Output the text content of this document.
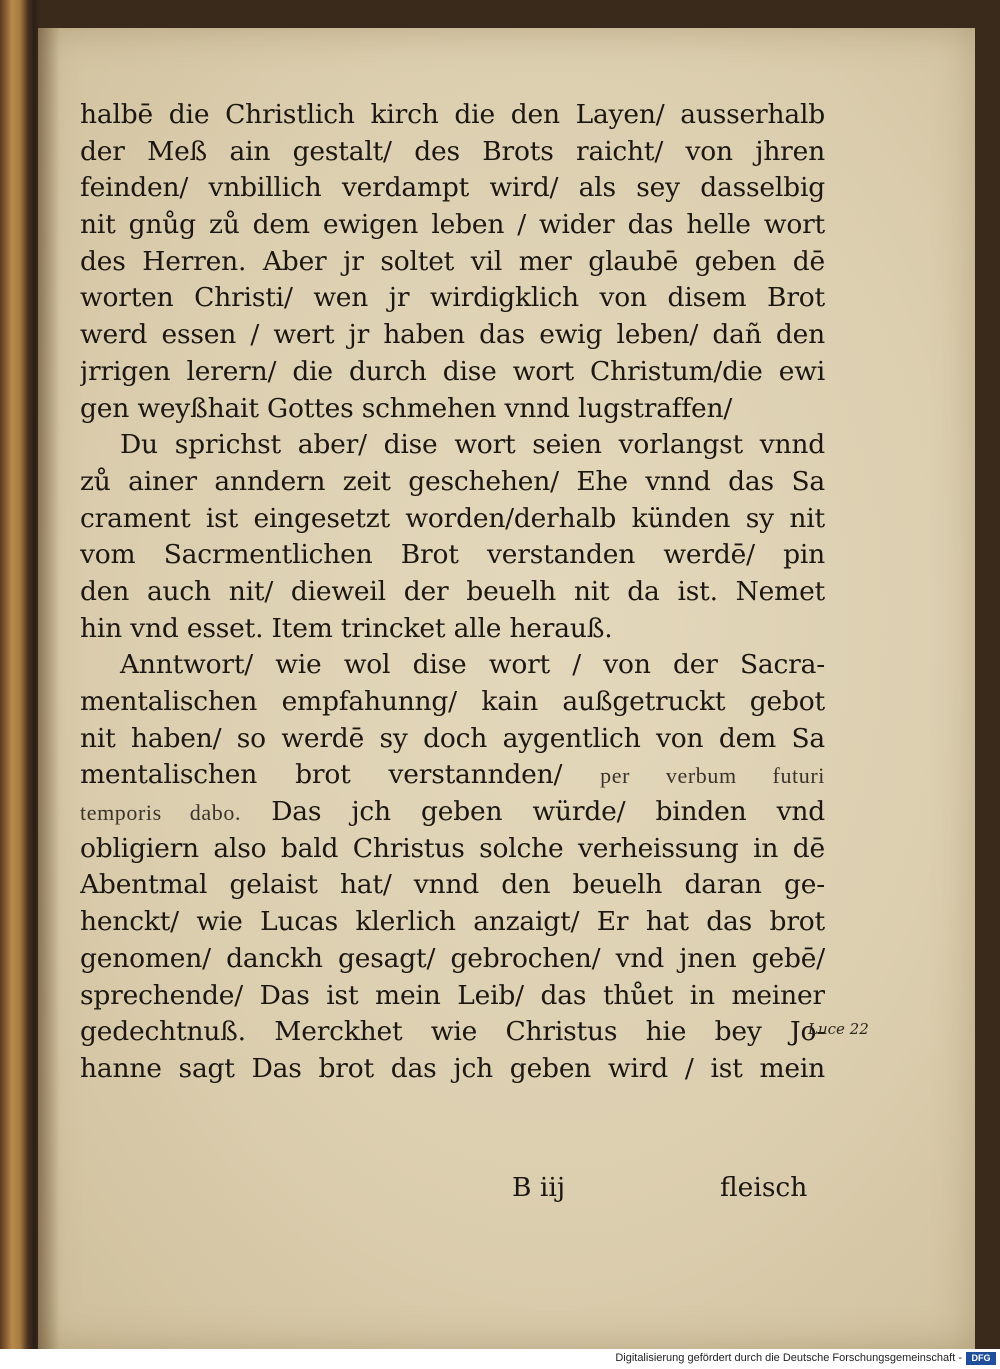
halbē die Christlich kirch die den Layen/ ausserhalb
der Meß ain gestalt/ des Brots raicht/ von jhren
feinden/ vnbillich verdampt wird/ als sey dasselbig
nit gnůg zů dem ewigen leben / wider das helle wort
des Herren. Aber jr soltet vil mer glaubē geben dē
worten Christi/ wen jr wirdigklich von disem Brot
werd essen / wert jr haben das ewig leben/ dañ den
jrrigen lerern/ die durch dise wort Christum/die ewi
gen weyßhait Gottes schmehen vnnd lugstraffen/
Du sprichst aber/ dise wort seien vorlangst vnnd
zů ainer anndern zeit geschehen/ Ehe vnnd das Sa
crament ist eingesetzt worden/derhalb künden sy nit
vom Sacrmentlichen Brot verstanden werdē/ pin
den auch nit/ dieweil der beuelh nit da ist. Nemet
hin vnd esset. Item trincket alle herauß.
Anntwort/ wie wol dise wort / von der Sacra-
mentalischen empfahunng/ kain außgetruckt gebot
nit haben/ so werdē sy doch aygentlich von dem Sa
mentalischen brot verstannden/ per verbum futuri
temporis dabo. Das jch geben würde/ binden vnd
obligiern also bald Christus solche verheissung in dē
Abentmal gelaist hat/ vnnd den beuelh daran ge-
henckt/ wie Lucas klerlich anzaigt/ Er hat das brot
genomen/ danckh gesagt/ gebrochen/ vnd jnen gebē/
sprechende/ Das ist mein Leib/ das thůet in meiner
gedechtnuß. Merckhet wie Christus hie bey Jo-
hanne sagt Das brot das jch geben wird / ist mein
Luce 22
B iij	fleisch
Digitalisierung gefördert durch die Deutsche Forschungsgemeinschaft -	DFG
